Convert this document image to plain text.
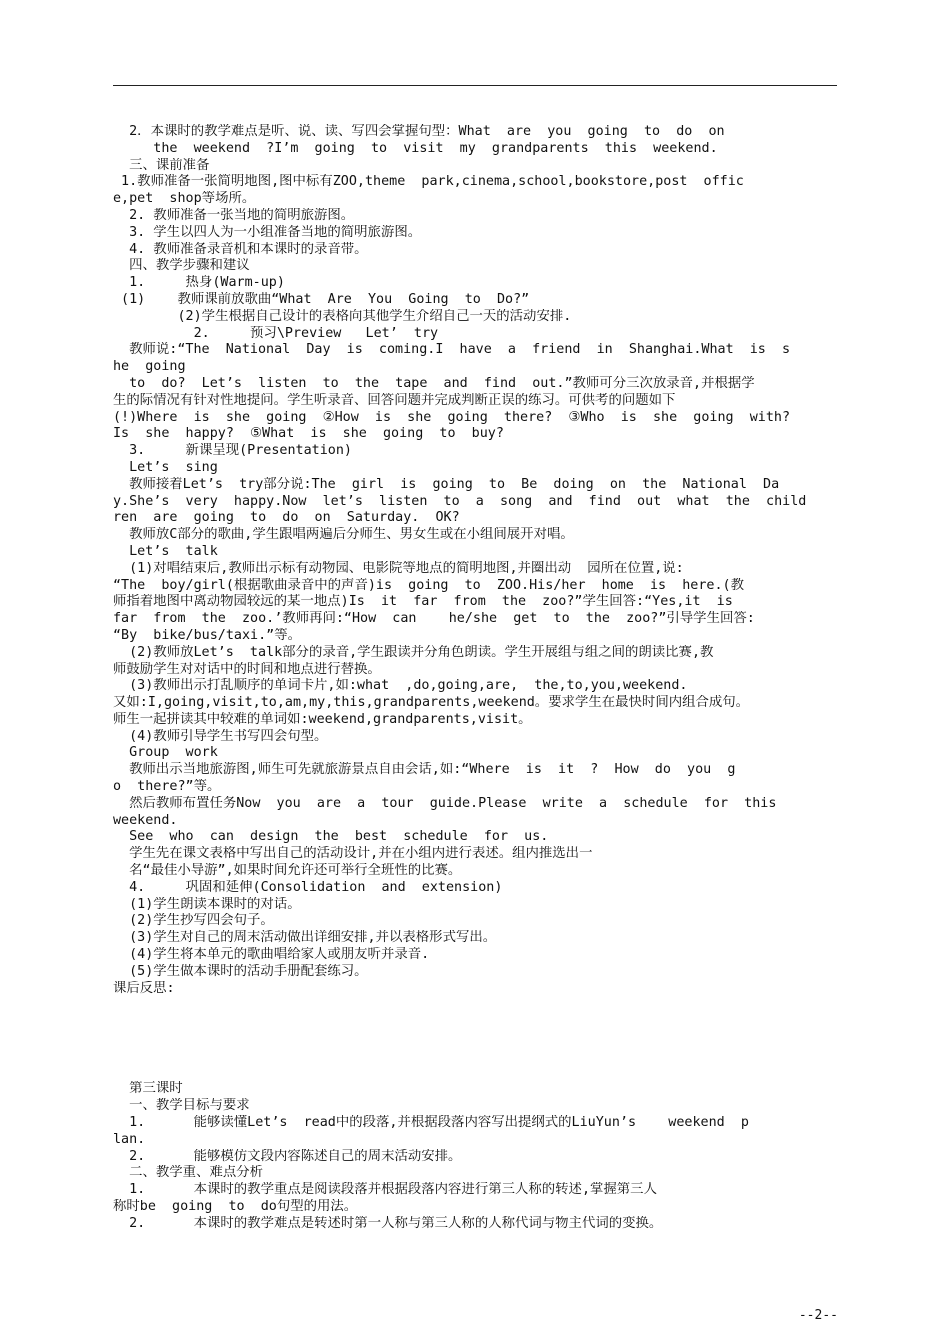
2．本课时的教学难点是听、说、读、写四会掌握句型：What  are  you  going  to  do  on
the  weekend  ?I’m  going  to  visit  my  grandparents  this  weekend.
三、课前准备
1.教师准备一张简明地图,图中标有ZOO,theme  park,cinema,school,bookstore,post  offic
e,pet  shop等场所。
2. 教师准备一张当地的简明旅游图。
3. 学生以四人为一小组准备当地的简明旅游图。
4. 教师准备录音机和本课时的录音带。
四、教学步骤和建议
1.     热身(Warm-up)
(1)    教师课前放歌曲“What  Are  You  Going  to  Do?”
(2)学生根据自己设计的表格向其他学生介绍自己一天的活动安排.
2.     预习\Preview   Let’  try
教师说:“The  National  Day  is  coming.I  have  a  friend  in  Shanghai.What  is  s
he  going
to  do?  Let’s  listen  to  the  tape  and  find  out.”教师可分三次放录音,并根据学
生的际情况有针对性地提问。学生听录音、回答问题并完成判断正误的练习。可供考的问题如下
(!)Where  is  she  going  ②How  is  she  going  there?  ③Who  is  she  going  with?
Is  she  happy?  ⑤What  is  she  going  to  buy?
3.     新课呈现(Presentation)
Let’s  sing
教师接着Let’s  try部分说:The  girl  is  going  to  Be  doing  on  the  National  Da
y.She’s  very  happy.Now  let’s  listen  to  a  song  and  find  out  what  the  child
ren  are  going  to  do  on  Saturday.  OK?
教师放C部分的歌曲,学生跟唱两遍后分师生、男女生或在小组间展开对唱。
Let’s  talk
(1)对唱结束后,教师出示标有动物园、电影院等地点的简明地图,并圈出动  园所在位置,说:
“The  boy/girl(根据歌曲录音中的声音)is  going  to  ZOO.His/her  home  is  here.(教
师指着地图中离动物园较远的某一地点)Is  it  far  from  the  zoo?”学生回答:“Yes,it  is
far  from  the  zoo.’教师再问:“How  can    he/she  get  to  the  zoo?”引导学生回答:
“By  bike/bus/taxi.”等。
(2)教师放Let’s  talk部分的录音,学生跟读并分角色朗读。学生开展组与组之间的朗读比赛,教
师鼓励学生对对话中的时间和地点进行替换。
(3)教师出示打乱顺序的单词卡片,如:what  ,do,going,are,  the,to,you,weekend.
又如:I,going,visit,to,am,my,this,grandparents,weekend。要求学生在最快时间内组合成句。
师生一起拼读其中较难的单词如:weekend,grandparents,visit。
(4)教师引导学生书写四会句型。
Group  work
教师出示当地旅游图,师生可先就旅游景点自由会话,如:“Where  is  it  ?  How  do  you  g
o  there?”等。
然后教师布置任务Now  you  are  a  tour  guide.Please  write  a  schedule  for  this
weekend.
See  who  can  design  the  best  schedule  for  us.
学生先在课文表格中写出自己的活动设计,并在小组内进行表述。组内推选出一
名“最佳小导游”,如果时间允许还可举行全班性的比赛。
4.     巩固和延伸(Consolidation  and  extension)
(1)学生朗读本课时的对话。
(2)学生抄写四会句子。
(3)学生对自己的周末活动做出详细安排,并以表格形式写出。
(4)学生将本单元的歌曲唱给家人或朋友听并录音.
(5)学生做本课时的活动手册配套练习。
课后反思:
第三课时
一、教学目标与要求
1.      能够读懂Let’s  read中的段落,并根据段落内容写出提纲式的LiuYun’s    weekend  p
lan.
2.      能够模仿文段内容陈述自己的周末活动安排。
二、教学重、难点分析
1.      本课时的教学重点是阅读段落并根据段落内容进行第三人称的转述,掌握第三人
称时be  going  to  do句型的用法。
2.      本课时的教学难点是转述时第一人称与第三人称的人称代词与物主代词的变换。
--2--
